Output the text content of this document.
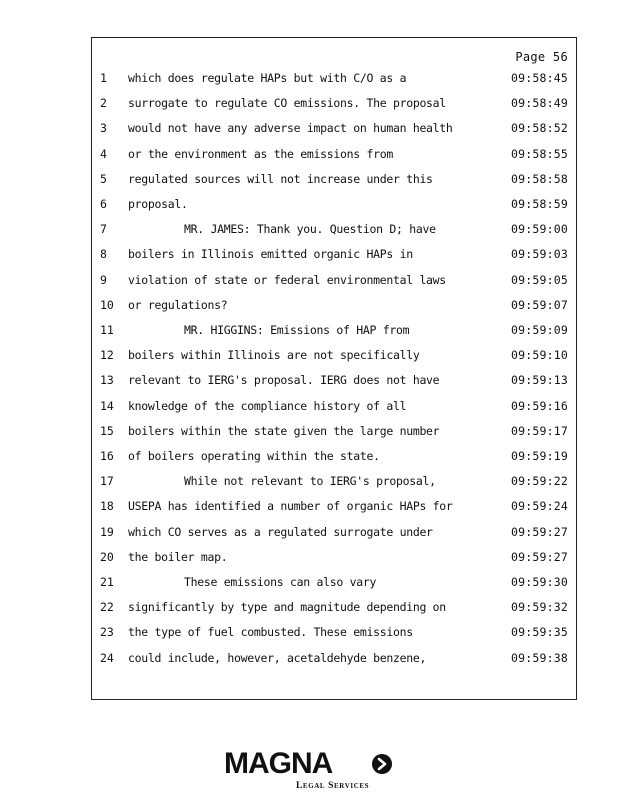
Page 56
1	which does regulate HAPs but with C/O as a	09:58:45
2	surrogate to regulate CO emissions. The proposal	09:58:49
3	would not have any adverse impact on human health	09:58:52
4	or the environment as the emissions from	09:58:55
5	regulated sources will not increase under this	09:58:58
6	proposal.	09:58:59
7	MR. JAMES: Thank you. Question D; have	09:59:00
8	boilers in Illinois emitted organic HAPs in	09:59:03
9	violation of state or federal environmental laws	09:59:05
10	or regulations?	09:59:07
11	MR. HIGGINS: Emissions of HAP from	09:59:09
12	boilers within Illinois are not specifically	09:59:10
13	relevant to IERG's proposal. IERG does not have	09:59:13
14	knowledge of the compliance history of all	09:59:16
15	boilers within the state given the large number	09:59:17
16	of boilers operating within the state.	09:59:19
17	While not relevant to IERG's proposal,	09:59:22
18	USEPA has identified a number of organic HAPs for	09:59:24
19	which CO serves as a regulated surrogate under	09:59:27
20	the boiler map.	09:59:27
21	These emissions can also vary	09:59:30
22	significantly by type and magnitude depending on	09:59:32
23	the type of fuel combusted. These emissions	09:59:35
24	could include, however, acetaldehyde benzene,	09:59:38
MAGNA
Legal Services
